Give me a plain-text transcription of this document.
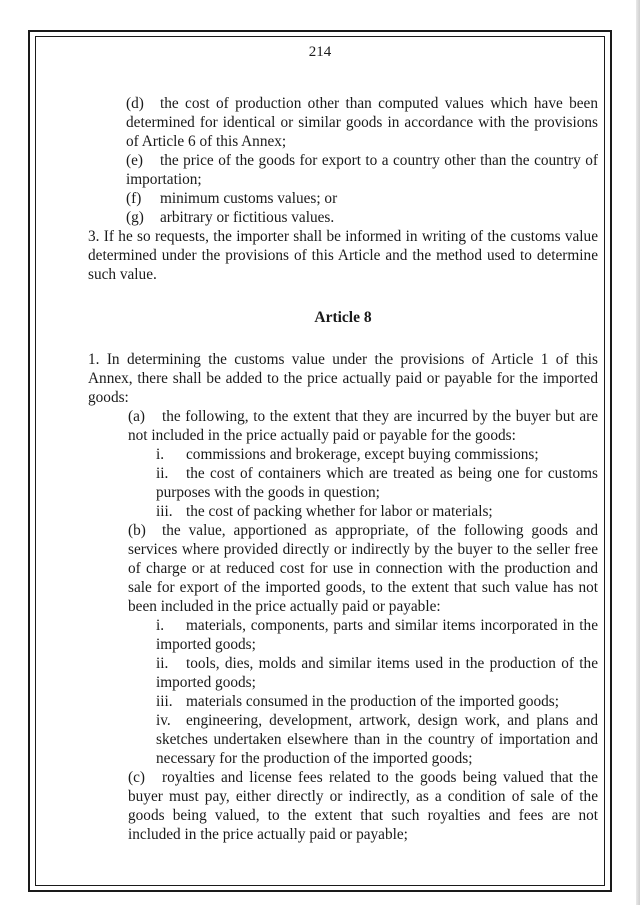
214

(d) the cost of production other than computed values which have been determined for identical or similar goods in accordance with the provisions of Article 6 of this Annex;

(e) the price of the goods for export to a country other than the country of importation;

(f) minimum customs values; or

(g) arbitrary or fictitious values.

3. If he so requests, the importer shall be informed in writing of the customs value determined under the provisions of this Article and the method used to determine such value.

Article 8

1. In determining the customs value under the provisions of Article 1 of this Annex, there shall be added to the price actually paid or payable for the imported goods:

(a) the following, to the extent that they are incurred by the buyer but are not included in the price actually paid or payable for the goods:

i. commissions and brokerage, except buying commissions;

ii. the cost of containers which are treated as being one for customs purposes with the goods in question;

iii. the cost of packing whether for labor or materials;

(b) the value, apportioned as appropriate, of the following goods and services where provided directly or indirectly by the buyer to the seller free of charge or at reduced cost for use in connection with the production and sale for export of the imported goods, to the extent that such value has not been included in the price actually paid or payable:

i. materials, components, parts and similar items incorporated in the imported goods;

ii. tools, dies, molds and similar items used in the production of the imported goods;

iii. materials consumed in the production of the imported goods;

iv. engineering, development, artwork, design work, and plans and sketches undertaken elsewhere than in the country of importation and necessary for the production of the imported goods;

(c) royalties and license fees related to the goods being valued that the buyer must pay, either directly or indirectly, as a condition of sale of the goods being valued, to the extent that such royalties and fees are not included in the price actually paid or payable;
